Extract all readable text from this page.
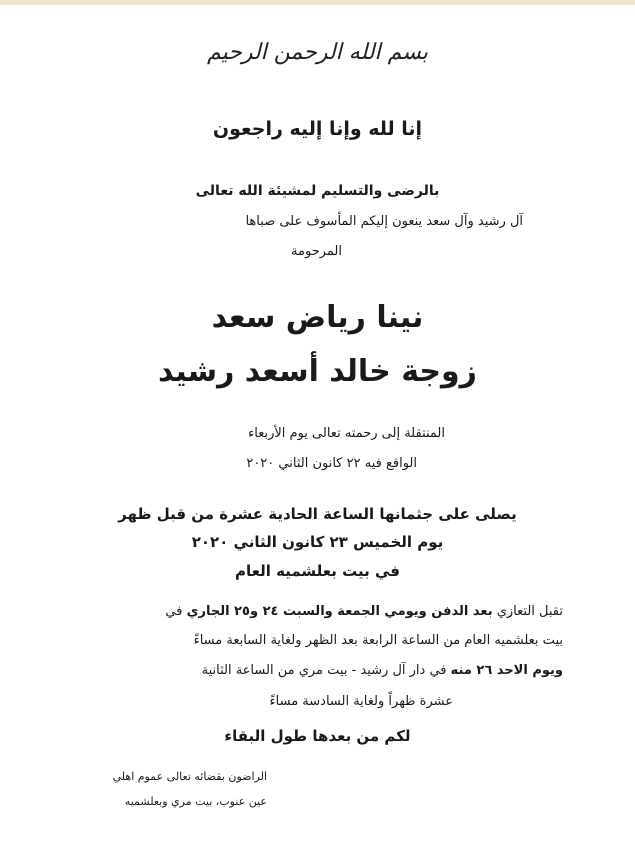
بسم الله الرحمن الرحيم
إنا لله وإنا إليه راجعون
بالرضى والتسليم لمشيئة الله تعالى
آل رشيد وآل سعد ينعون إليكم المأسوف على صباها
المرحومة
نينا رياض سعد
زوجة خالد أسعد رشيد
المنتقلة إلى رحمته تعالى يوم الأربعاء
الواقع فيه ٢٢ كانون الثاني ٢٠٢٠
يصلى على جثمانها الساعة الحادية عشرة من قبل ظهر
يوم الخميس ٢٣ كانون الثاني ٢٠٢٠
في بيت بعلشميه العام
تقبل التعازي بعد الدفن ويومي الجمعة والسبت ٢٤ و٢٥ الجاري في
بيت بعلشميه العام من الساعة الرابعة بعد الظهر ولغاية السابعة مساءً
ويوم الاحد ٢٦ منه في دار آل رشيد - بيت مري من الساعة الثانية
عشرة ظهراً ولغاية السادسة مساءً
لكم من بعدها طول البقاء
الراضون بقضائه تعالى عموم اهلي
عين عنوب، بيت مري وبعلشميه
